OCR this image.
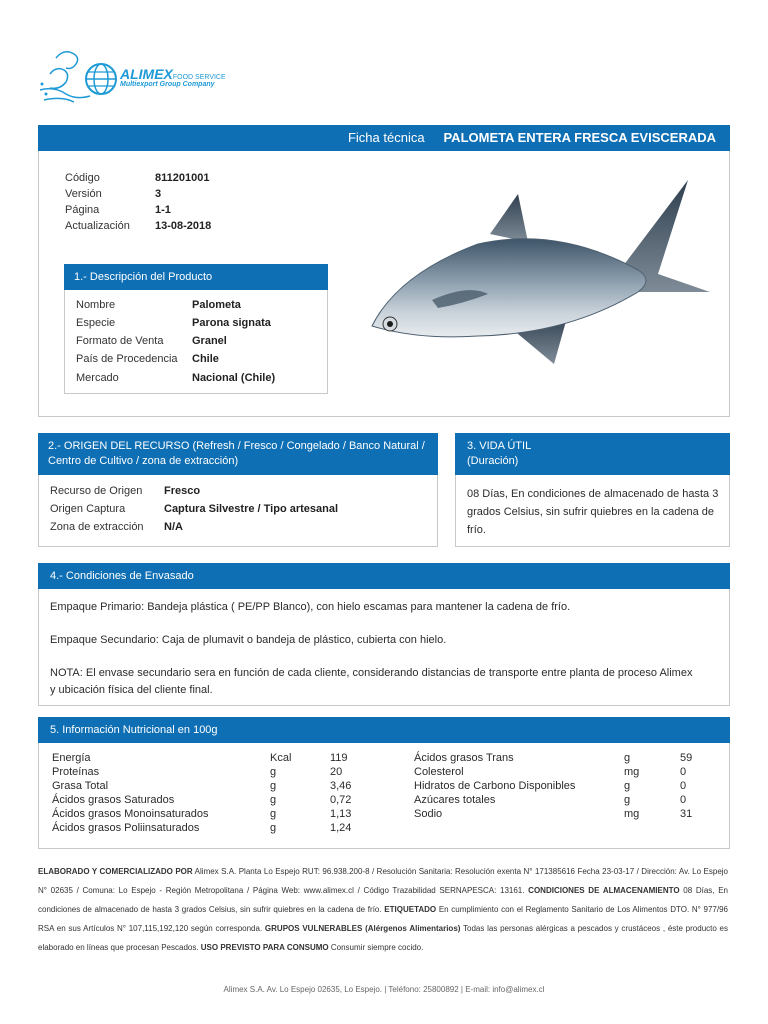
ALIMEXFOOD SERVICE
Multiexport Group Company
Ficha técnica PALOMETA ENTERA FRESCA EVISCERADA
Código	811201001
Versión	3
Página	1-1
Actualización 13-08-2018
1.- Descripción del Producto
Nombre	Palometa
Especie	Parona signata
Formato de Venta	Granel
País de Procedencia Chile
Mercado	Nacional (Chile)
2.- ORIGEN DEL RECURSO (Refresh / Fresco / Congelado / Banco Natural /
Centro de Cultivo / zona de extracción)
Recurso de Origen Fresco
Origen Captura	Captura Silvestre / Tipo artesanal
Zona de extracción N/A
3. VIDA ÚTIL
(Duración)
08 Días, En condiciones de almacenado de hasta 3
grados Celsius, sin sufrir quiebres en la cadena de
frío.
4.- Condiciones de Envasado
Empaque Primario: Bandeja plástica ( PE/PP Blanco), con hielo escamas para mantener la cadena de frío.
Empaque Secundario: Caja de plumavit o bandeja de plástico, cubierta con hielo.
NOTA: El envase secundario sera en función de cada cliente, considerando distancias de transporte entre planta de proceso Alimex
y ubicación física del cliente final.
5. Información Nutricional en 100g
Energía	Kcal	119
Proteínas	g	20
Grasa Total	g	3,46
Ácidos grasos Saturados	g	0,72
Ácidos grasos Monoinsaturados	g	1,13
Ácidos grasos Poliinsaturados	g	1,24
Ácidos grasos Trans	g	59
Colesterol	mg	0
Hidratos de Carbono Disponibles	g	0
Azúcares totales	g	0
Sodio	mg	31
ELABORADO Y COMERCIALIZADO POR Alimex S.A. Planta Lo Espejo RUT: 96.938.200-8 / Resolución Sanitaria: Resolución exenta N° 171385616 Fecha 23-03-17 / Dirección: Av. Lo Espejo N° 02635 / Comuna: Lo Espejo - Región Metropolitana / Página Web: www.alimex.cl / Código Trazabilidad SERNAPESCA: 13161. CONDICIONES DE ALMACENAMIENTO 08 Días, En condiciones de almacenado de hasta 3 grados Celsius, sin sufrir quiebres en la cadena de frío. ETIQUETADO En cumplimiento con el Reglamento Sanitario de Los Alimentos DTO. N° 977/96 RSA en sus Artículos N° 107,115,192,120 según corresponda. GRUPOS VULNERABLES (Alérgenos Alimentarios) Todas las personas alérgicas a pescados y crustáceos , éste producto es elaborado en líneas que procesan Pescados. USO PREVISTO PARA CONSUMO Consumir siempre cocido.
Alimex S.A. Av. Lo Espejo 02635, Lo Espejo. | Teléfono: 25800892 | E-mail: info@alimex.cl
